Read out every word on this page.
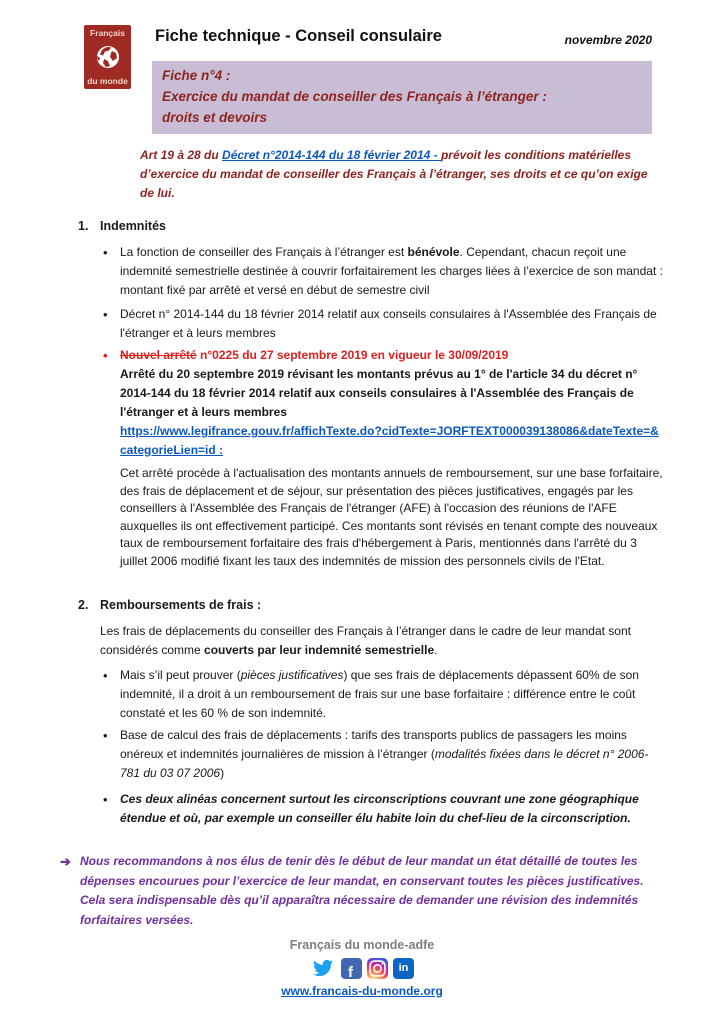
Français
du monde
Fiche technique - Conseil consulaire	novembre 2020
Fiche n°4 :
Exercice du mandat de conseiller des Français à l’étranger :
droits et devoirs

Art 19 à 28 du Décret n°2014-144 du 18 février 2014 - prévoit les conditions matérielles d’exercice du mandat de conseiller des Français à l’étranger, ses droits et ce qu’on exige de lui.

1. Indemnités
•
La fonction de conseiller des Français à l’étranger est bénévole. Cependant, chacun reçoit une indemnité semestrielle destinée à couvrir forfaitairement les charges liées à l’exercice de son mandat : montant fixé par arrêté et versé en début de semestre civil
•
Décret n° 2014-144 du 18 février 2014 relatif aux conseils consulaires à l'Assemblée des Français de l'étranger et à leurs membres
•

Nouvel arrêté n°0225 du 27 septembre 2019 en vigueur le 30/09/2019

Arrêté du 20 septembre 2019 révisant les montants prévus au 1° de l'article 34 du décret n° 2014-144 du 18 février 2014 relatif aux conseils consulaires à l'Assemblée des Français de l'étranger et à leurs membres

https://www.legifrance.gouv.fr/affichTexte.do?cidTexte=JORFTEXT000039138086&dateTexte=&categorieLien=id :

Cet arrêté procède à l'actualisation des montants annuels de remboursement, sur une base forfaitaire, des frais de déplacement et de séjour, sur présentation des pièces justificatives, engagés par les conseillers à l'Assemblée des Français de l'étranger (AFE) à l'occasion des réunions de l'AFE auxquelles ils ont effectivement participé. Ces montants sont révisés en tenant compte des nouveaux taux de remboursement forfaitaire des frais d'hébergement à Paris, mentionnés dans l'arrêté du 3 juillet 2006 modifié fixant les taux des indemnités de mission des personnels civils de l'Etat.

2. Remboursements de frais :

Les frais de déplacements du conseiller des Français à l’étranger dans le cadre de leur mandat sont considérés comme couverts par leur indemnité semestrielle.

•
Mais s’il peut prouver (pièces justificatives) que ses frais de déplacements dépassent 60% de son indemnité, il a droit à un remboursement de frais sur une base forfaitaire : différence entre le coût constaté et les 60 % de son indemnité.
•
Base de calcul des frais de déplacements : tarifs des transports publics de passagers les moins onéreux et indemnités journalières de mission à l’étranger (modalités fixées dans le décret n° 2006-781 du 03 07 2006)
•
Ces deux alinéas concernent surtout les circonscriptions couvrant une zone géographique étendue et où, par exemple un conseiller élu habite loin du chef-lieu de la circonscription.
➔ Nous recommandons à nos élus de tenir dès le début de leur mandat un état détaillé de toutes les dépenses encourues pour l’exercice de leur mandat, en conservant toutes les pièces justificatives. Cela sera indispensable dès qu’il apparaîtra nécessaire de demander une révision des indemnités forfaitaires versées.
Français du monde-adfe
f	in
www.francais-du-monde.org
